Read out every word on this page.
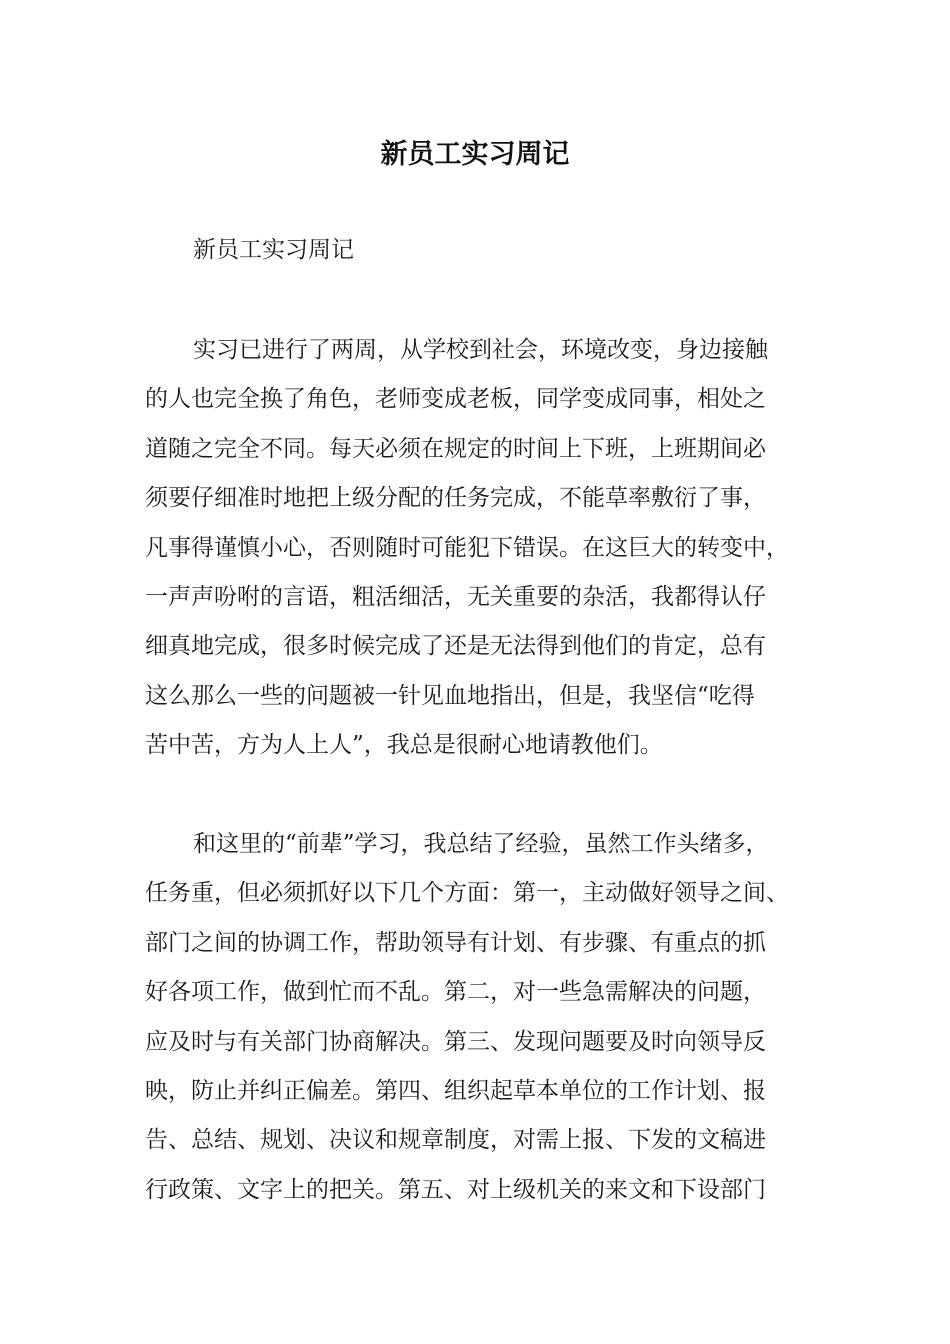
新员工实习周记
新员工实习周记
实习已进行了两周，从学校到社会，环境改变，身边接触
的人也完全换了角色，老师变成老板，同学变成同事，相处之
道随之完全不同。每天必须在规定的时间上下班，上班期间必
须要仔细准时地把上级分配的任务完成，不能草率敷衍了事，
凡事得谨慎小心，否则随时可能犯下错误。在这巨大的转变中，
一声声吩咐的言语，粗活细活，无关重要的杂活，我都得认仔
细真地完成，很多时候完成了还是无法得到他们的肯定，总有
这么那么一些的问题被一针见血地指出，但是，我坚信“吃得
苦中苦，方为人上人”，我总是很耐心地请教他们。
和这里的“前辈”学习，我总结了经验，虽然工作头绪多，
任务重，但必须抓好以下几个方面：第一，主动做好领导之间、
部门之间的协调工作，帮助领导有计划、有步骤、有重点的抓
好各项工作，做到忙而不乱。第二，对一些急需解决的问题，
应及时与有关部门协商解决。第三、发现问题要及时向领导反
映，防止并纠正偏差。第四、组织起草本单位的工作计划、报
告、总结、规划、决议和规章制度，对需上报、下发的文稿进
行政策、文字上的把关。第五、对上级机关的来文和下设部门
